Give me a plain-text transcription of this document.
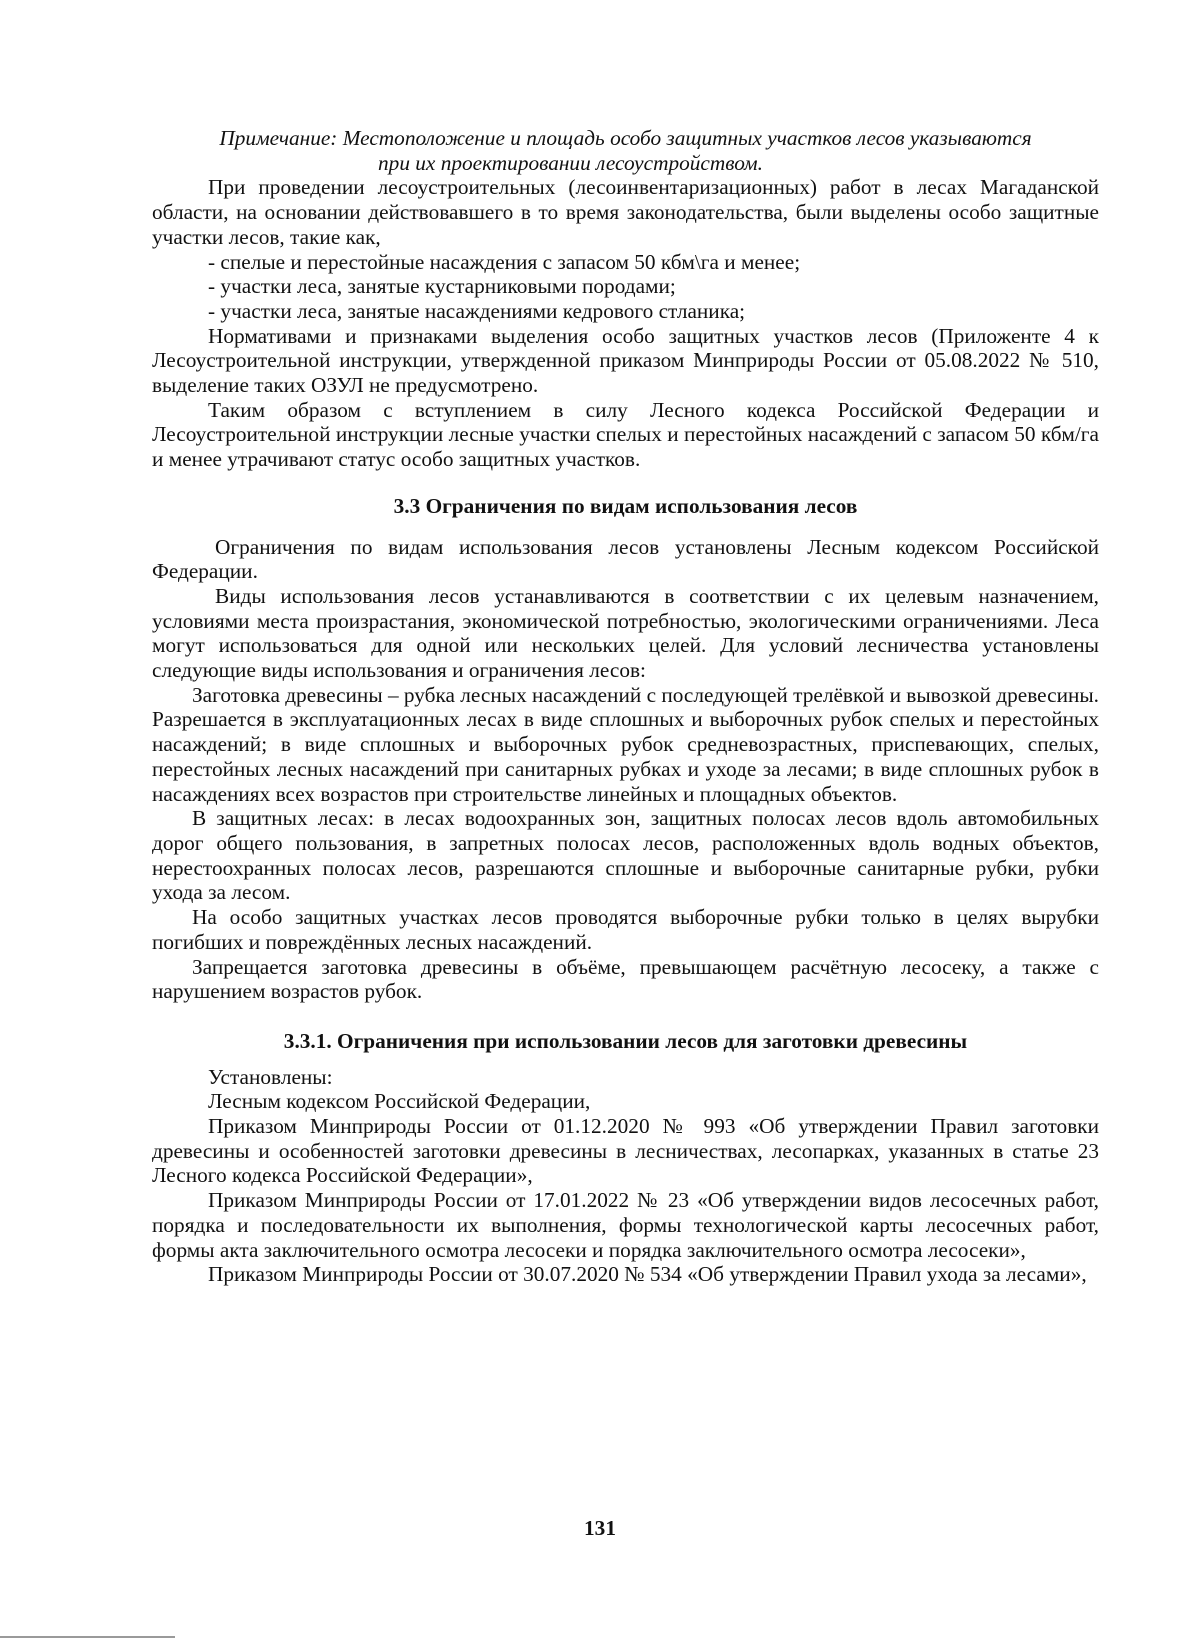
Примечание: Местоположение и площадь особо защитных участков лесов указываются
при их проектировании лесоустройством.

При проведении лесоустроительных (лесоинвентаризационных) работ в лесах Магаданской области, на основании действовавшего в то время законодательства, были выделены особо защитные участки лесов, такие как,

- спелые и перестойные насаждения с запасом 50 кбм\га и менее;

- участки леса, занятые кустарниковыми породами;

- участки леса, занятые насаждениями кедрового стланика;

Нормативами и признаками выделения особо защитных участков лесов (Приложенте 4 к Лесоустроительной инструкции, утвержденной приказом Минприроды России от 05.08.2022 № 510, выделение таких ОЗУЛ не предусмотрено.

Таким образом с вступлением в силу Лесного кодекса Российской Федерации и Лесоустроительной инструкции лесные участки спелых и перестойных насаждений с запасом 50 кбм/га и менее утрачивают статус особо защитных участков.

3.3 Ограничения по видам использования лесов

Ограничения по видам использования лесов установлены Лесным кодексом Российской Федерации.

Виды использования лесов устанавливаются в соответствии с их целевым назначением, условиями места произрастания, экономической потребностью, экологическими ограничениями. Леса могут использоваться для одной или нескольких целей. Для условий лесничества установлены следующие виды использования и ограничения лесов:

Заготовка древесины – рубка лесных насаждений с последующей трелёвкой и вывозкой древесины. Разрешается в эксплуатационных лесах в виде сплошных и выборочных рубок спелых и перестойных насаждений; в виде сплошных и выборочных рубок средневозрастных, приспевающих, спелых, перестойных лесных насаждений при санитарных рубках и уходе за лесами; в виде сплошных рубок в насаждениях всех возрастов при строительстве линейных и площадных объектов.

В защитных лесах: в лесах водоохранных зон, защитных полосах лесов вдоль автомобильных дорог общего пользования, в запретных полосах лесов, расположенных вдоль водных объектов, нерестоохранных полосах лесов, разрешаются сплошные и выборочные санитарные рубки, рубки ухода за лесом.

На особо защитных участках лесов проводятся выборочные рубки только в целях вырубки погибших и повреждённых лесных насаждений.

Запрещается заготовка древесины в объёме, превышающем расчётную лесосеку, а также с нарушением возрастов рубок.

3.3.1. Ограничения при использовании лесов для заготовки древесины

Установлены:

Лесным кодексом Российской Федерации,

Приказом Минприроды России от 01.12.2020 № 993 «Об утверждении Правил заготовки древесины и особенностей заготовки древесины в лесничествах, лесопарках, указанных в статье 23 Лесного кодекса Российской Федерации»,

Приказом Минприроды России от 17.01.2022 № 23 «Об утверждении видов лесосечных работ, порядка и последовательности их выполнения, формы технологической карты лесосечных работ, формы акта заключительного осмотра лесосеки и порядка заключительного осмотра лесосеки»,

Приказом Минприроды России от 30.07.2020 № 534 «Об утверждении Правил ухода за лесами»,

131
